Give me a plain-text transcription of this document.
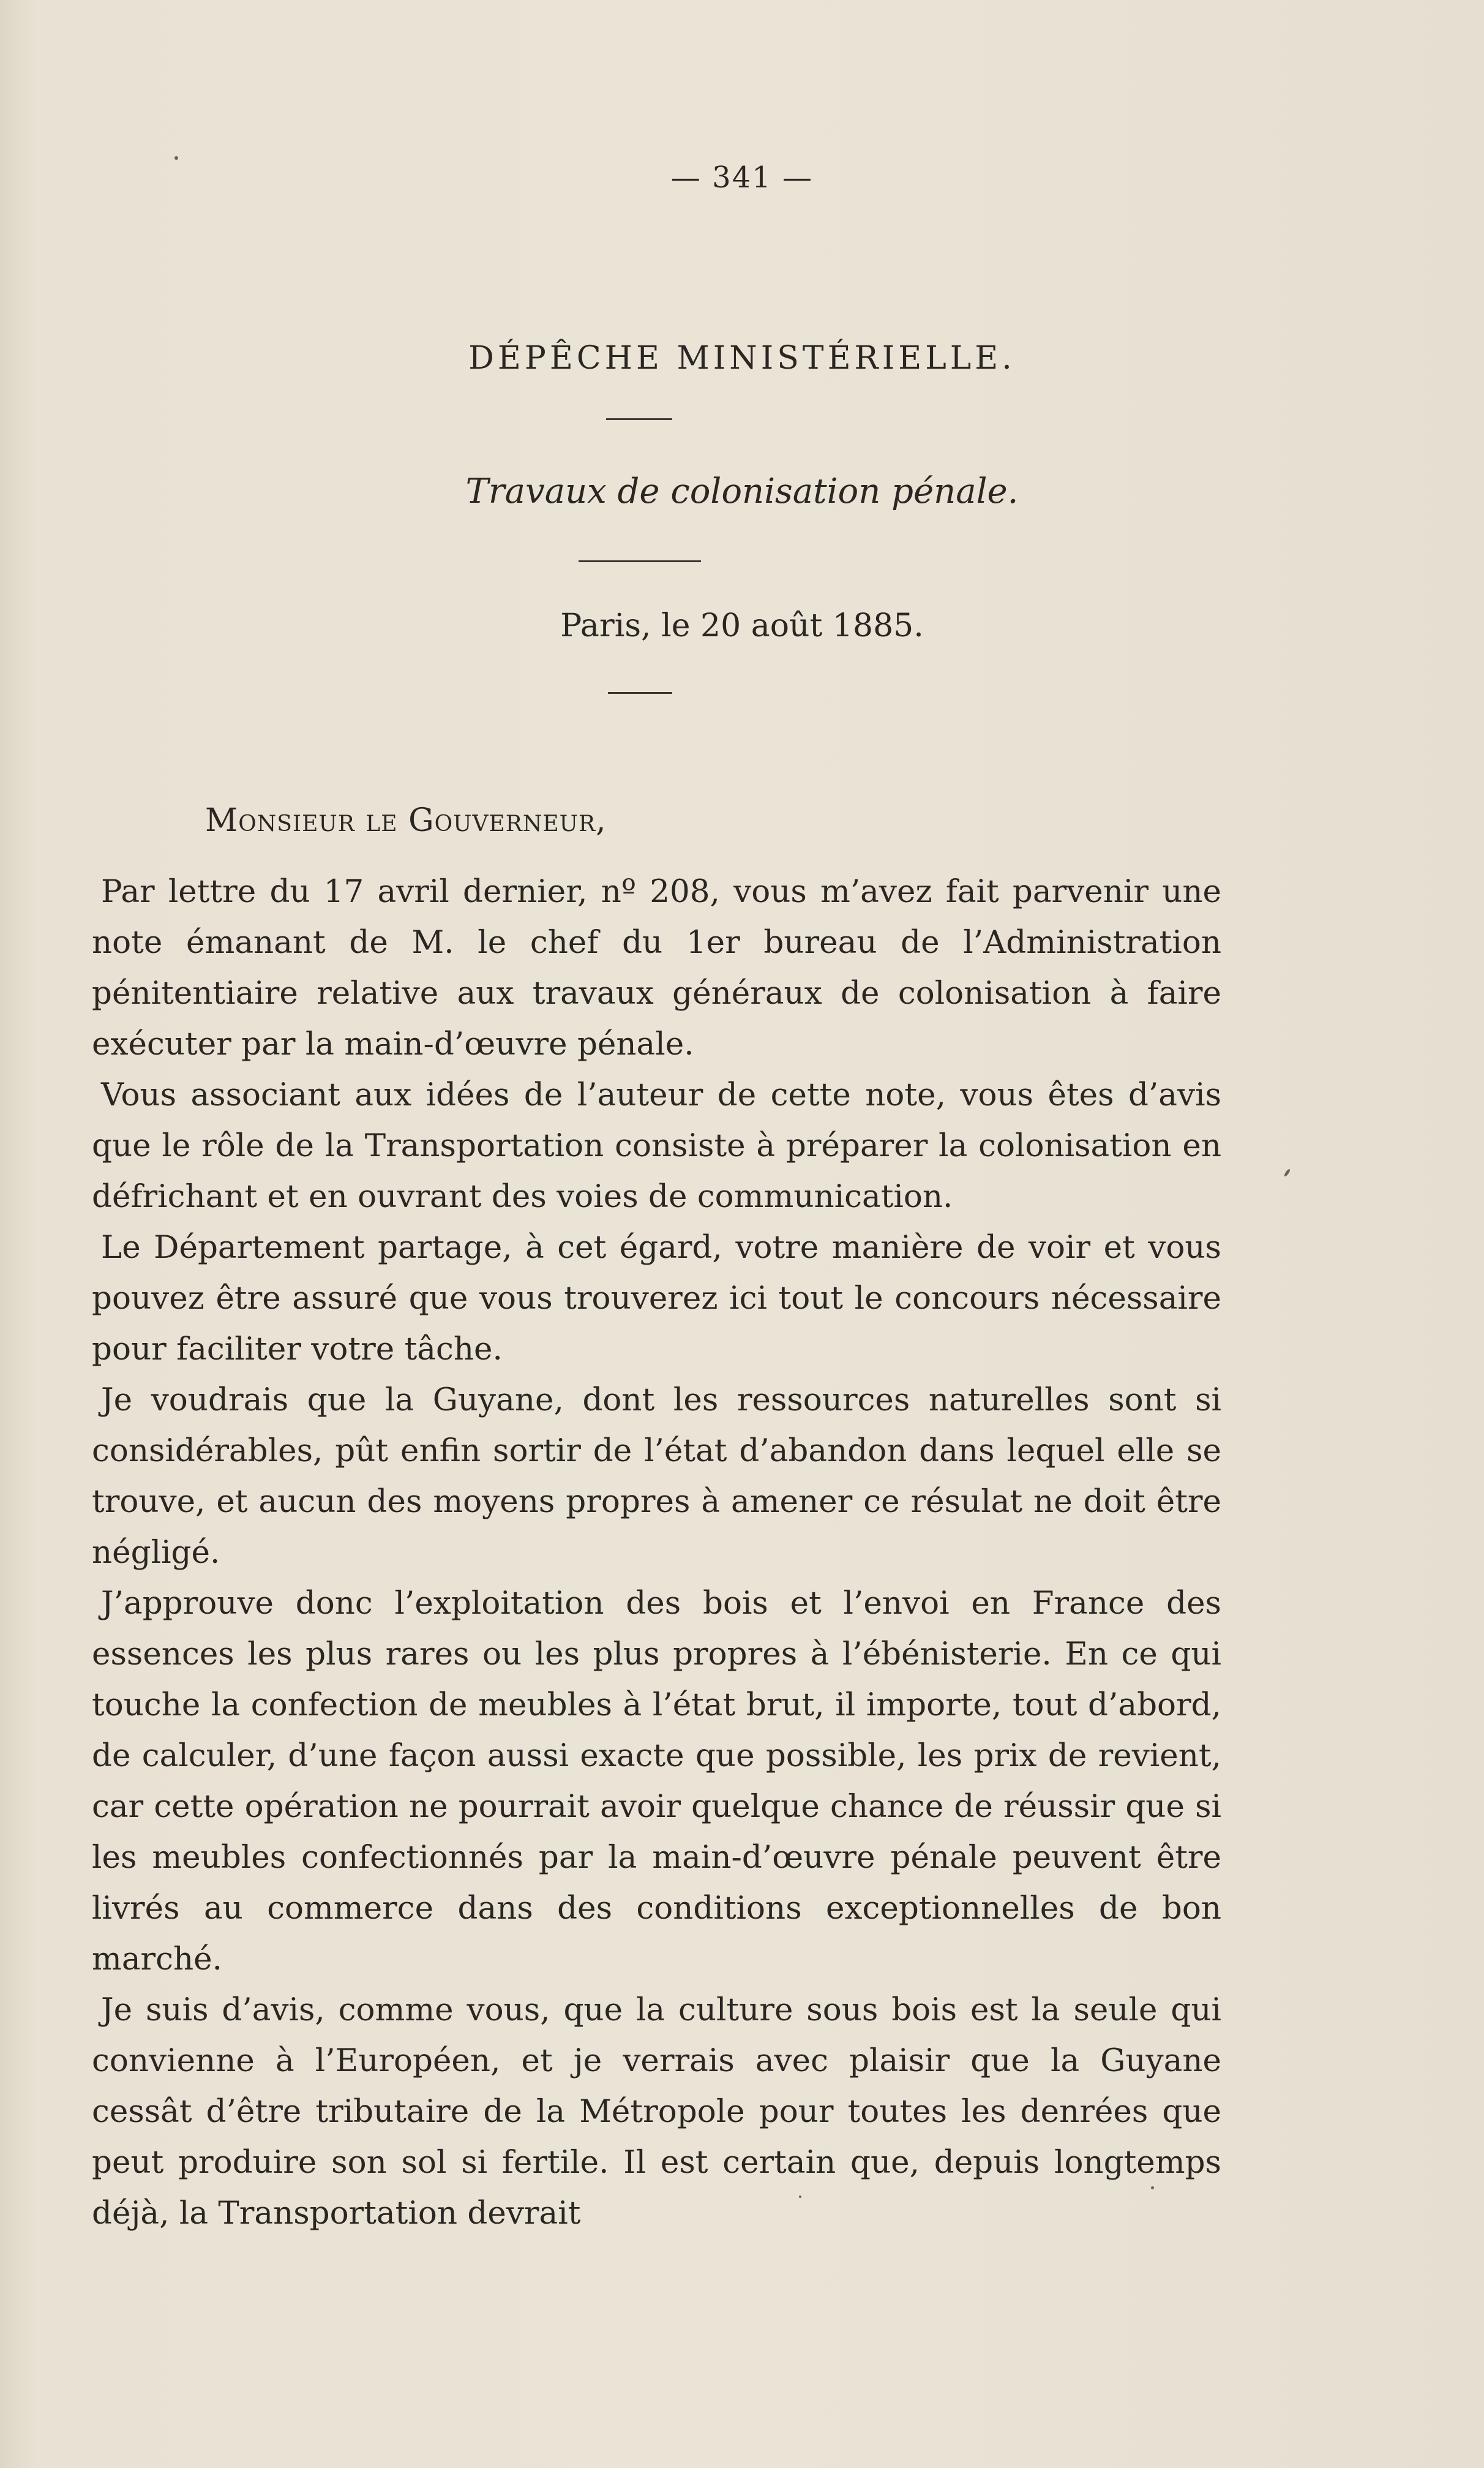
— 341 —
DÉPÊCHE MINISTÉRIELLE.
Travaux de colonisation pénale.
Paris, le 20 août 1885.
Monsieur le Gouverneur,

Par lettre du 17 avril dernier, nº 208, vous m’avez fait parvenir une note émanant de M. le chef du 1er bureau de l’Administration pénitentiaire relative aux travaux généraux de colonisation à faire exécuter par la main-d’œuvre pénale.

Vous associant aux idées de l’auteur de cette note, vous êtes d’avis que le rôle de la Transportation consiste à préparer la colonisation en défrichant et en ouvrant des voies de communication.

Le Département partage, à cet égard, votre manière de voir et vous pouvez être assuré que vous trouverez ici tout le concours nécessaire pour faciliter votre tâche.

Je voudrais que la Guyane, dont les ressources naturelles sont si considérables, pût enfin sortir de l’état d’abandon dans lequel elle se trouve, et aucun des moyens propres à amener ce résulat ne doit être négligé.

J’approuve donc l’exploitation des bois et l’envoi en France des essences les plus rares ou les plus propres à l’ébénisterie. En ce qui touche la confection de meubles à l’état brut, il importe, tout d’abord, de calculer, d’une façon aussi exacte que possible, les prix de revient, car cette opération ne pourrait avoir quelque chance de réussir que si les meubles confectionnés par la main-d’œuvre pénale peuvent être livrés au commerce dans des conditions exceptionnelles de bon marché.

Je suis d’avis, comme vous, que la culture sous bois est la seule qui convienne à l’Européen, et je verrais avec plaisir que la Guyane cessât d’être tributaire de la Métropole pour toutes les denrées que peut produire son sol si fertile. Il est certain que, depuis longtemps déjà, la Transportation devrait
